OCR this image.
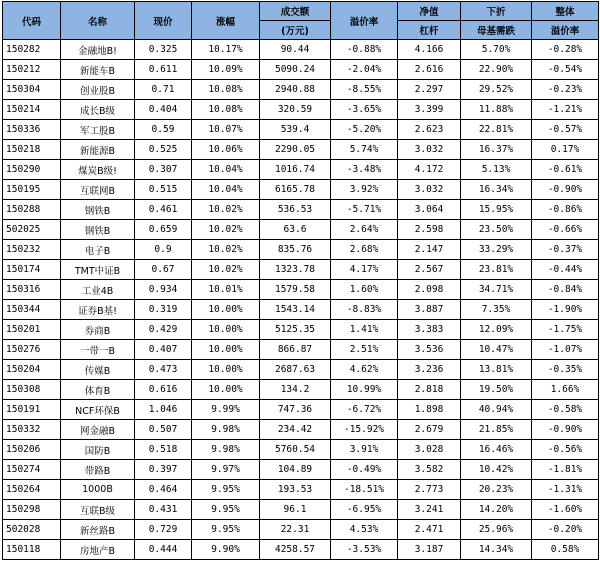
代码	名称	现价	涨幅	成交额	溢价率	净值	下折	整体
				(万元)		杠杆	母基需跌	溢价率
150282	金融地B!	0.325	10.17%	90.44	-0.88%	4.166	5.70%	-0.28%
150212	新能车B	0.611	10.09%	5090.24	-2.04%	2.616	22.90%	-0.54%
150304	创业股B	0.71	10.08%	2940.88	-8.55%	2.297	29.52%	-0.23%
150214	成长B级	0.404	10.08%	320.59	-3.65%	3.399	11.88%	-1.21%
150336	军工股B	0.59	10.07%	539.4	-5.20%	2.623	22.81%	-0.57%
150218	新能源B	0.525	10.06%	2290.05	5.74%	3.032	16.37%	0.17%
150290	煤炭B级!	0.307	10.04%	1016.74	-3.48%	4.172	5.13%	-0.61%
150195	互联网B	0.515	10.04%	6165.78	3.92%	3.032	16.34%	-0.90%
150288	钢铁B	0.461	10.02%	536.53	-5.71%	3.064	15.95%	-0.86%
502025	钢铁B	0.659	10.02%	63.6	2.64%	2.598	23.50%	-0.66%
150232	电子B	0.9	10.02%	835.76	2.68%	2.147	33.29%	-0.37%
150174	TMT中证B	0.67	10.02%	1323.78	4.17%	2.567	23.81%	-0.44%
150316	工业4B	0.934	10.01%	1579.58	1.60%	2.098	34.71%	-0.84%
150344	证券B基!	0.319	10.00%	1543.14	-8.83%	3.887	7.35%	-1.90%
150201	券商B	0.429	10.00%	5125.35	1.41%	3.383	12.09%	-1.75%
150276	一带一B	0.407	10.00%	866.87	2.51%	3.536	10.47%	-1.07%
150204	传媒B	0.473	10.00%	2687.63	4.62%	3.236	13.81%	-0.35%
150308	体育B	0.616	10.00%	134.2	10.99%	2.818	19.50%	1.66%
150191	NCF环保B	1.046	9.99%	747.36	-6.72%	1.898	40.94%	-0.58%
150332	网金融B	0.507	9.98%	234.42	-15.92%	2.679	21.85%	-0.90%
150206	国防B	0.518	9.98%	5760.54	3.91%	3.028	16.46%	-0.56%
150274	带路B	0.397	9.97%	104.89	-0.49%	3.582	10.42%	-1.81%
150264	1000B	0.464	9.95%	193.53	-18.51%	2.773	20.23%	-1.31%
150298	互联B级	0.431	9.95%	96.1	-6.95%	3.241	14.20%	-1.60%
502028	新丝路B	0.729	9.95%	22.31	4.53%	2.471	25.96%	-0.20%
150118	房地产B	0.444	9.90%	4258.57	-3.53%	3.187	14.34%	0.58%
